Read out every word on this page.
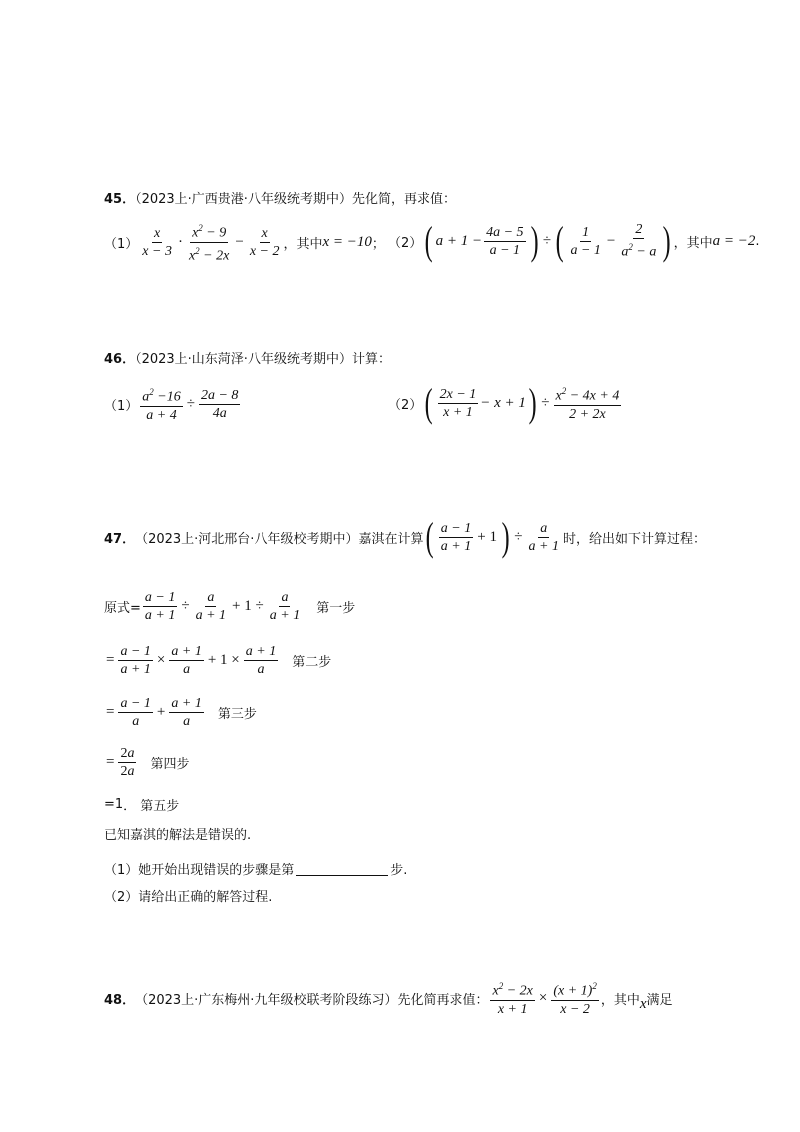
45．（2023上·广西贵港·八年级统考期中）先化简，再求值：
$(1) \frac{x}{x - 3} \cdot \frac{x^2 - 9}{x^2 - 2x} - \frac{x}{x - 2}$ ，其中 x = −10 ； （2） ( $a + 1 - \frac{4a - 5}{a - 1}$ ) ÷ ( $\frac{1}{a - 1} - \frac{2}{a^2 - a}$ ) ，其中 a = −2 .
46．（2023上·山东菏泽·八年级统考期中）计算：
$(1) \frac{a^2 -16}{a + 4} \div \frac{2a - 8}{4a}$	（2） ( $\frac{2x - 1}{x + 1} - x + 1$ ) ÷ $\frac{x^2 - 4x + 4}{2 + 2x}$
47． （2023上·河北邢台·八年级校考期中） 嘉淇在计算 ( $\frac{a - 1}{a + 1} + 1$ ) ÷ $\frac{a}{a + 1}$ 时，给出如下计算过程：
原式= $\frac{a - 1}{a + 1} \div \frac{a}{a + 1} + 1 \div \frac{a}{a + 1}$ 第一步
= $\frac{a - 1}{a + 1} \times \frac{a + 1}{a} + 1 \times \frac{a + 1}{a}$ 第二步
= $\frac{a - 1}{a} + \frac{a + 1}{a}$ 第三步
= $\frac{2a}{2a}$ 第四步
=1 ． 第五步
已知嘉淇的解法是错误的.
（1）她开始出现错误的步骤是第	步.
（2）请给出正确的解答过程.
48． （2023上·广东梅州·九年级校联考阶段练习） 先化简再求值： $\frac{x^2 - 2x}{x + 1} \times \frac{(x + 1)^2}{x - 2}$ ，其中 x 满足
